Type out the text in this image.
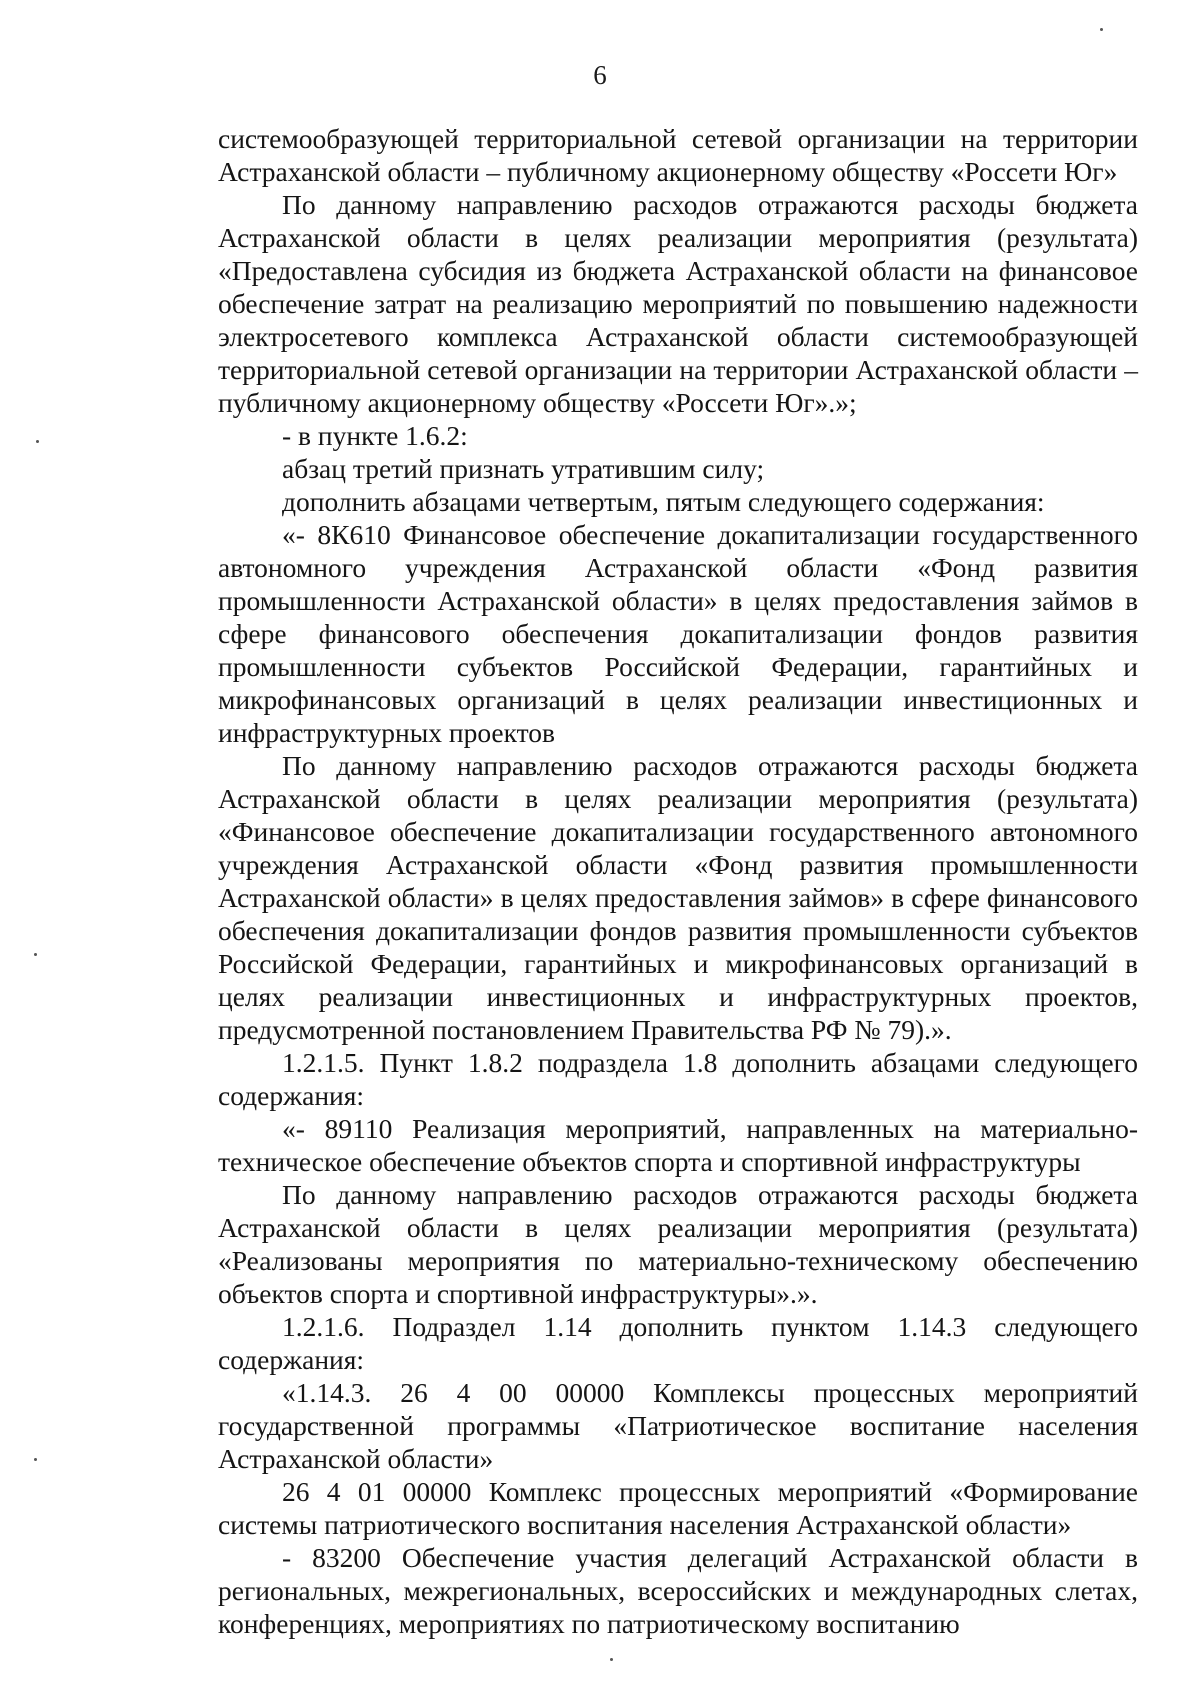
6

системообразующей территориальной сетевой организации на территории Астраханской области – публичному акционерному обществу «Россети Юг»

По данному направлению расходов отражаются расходы бюджета Астраханской области в целях реализации мероприятия (результата) «Предоставлена субсидия из бюджета Астраханской области на финансовое обеспечение затрат на реализацию мероприятий по повышению надежности электросетевого комплекса Астраханской области системообразующей территориальной сетевой организации на территории Астраханской области – публичному акционерному обществу «Россети Юг».»;

- в пункте 1.6.2:

абзац третий признать утратившим силу;

дополнить абзацами четвертым, пятым следующего содержания:

«- 8К610 Финансовое обеспечение докапитализации государственного автономного учреждения Астраханской области «Фонд развития промышленности Астраханской области» в целях предоставления займов в сфере финансового обеспечения докапитализации фондов развития промышленности субъектов Российской Федерации, гарантийных и микрофинансовых организаций в целях реализации инвестиционных и инфраструктурных проектов

По данному направлению расходов отражаются расходы бюджета Астраханской области в целях реализации мероприятия (результата) «Финансовое обеспечение докапитализации государственного автономного учреждения Астраханской области «Фонд развития промышленности Астраханской области» в целях предоставления займов» в сфере финансового обеспечения докапитализации фондов развития промышленности субъектов Российской Федерации, гарантийных и микрофинансовых организаций в целях реализации инвестиционных и инфраструктурных проектов, предусмотренной постановлением Правительства РФ № 79).».

1.2.1.5. Пункт 1.8.2 подраздела 1.8 дополнить абзацами следующего содержания:

«- 89110 Реализация мероприятий, направленных на материально-техническое обеспечение объектов спорта и спортивной инфраструктуры

По данному направлению расходов отражаются расходы бюджета Астраханской области в целях реализации мероприятия (результата) «Реализованы мероприятия по материально-техническому обеспечению объектов спорта и спортивной инфраструктуры».».

1.2.1.6. Подраздел 1.14 дополнить пунктом 1.14.3 следующего содержания:

«1.14.3. 26 4 00 00000 Комплексы процессных мероприятий государственной программы «Патриотическое воспитание населения Астраханской области»

26 4 01 00000 Комплекс процессных мероприятий «Формирование системы патриотического воспитания населения Астраханской области»

- 83200 Обеспечение участия делегаций Астраханской области в региональных, межрегиональных, всероссийских и международных слетах, конференциях, мероприятиях по патриотическому воспитанию
